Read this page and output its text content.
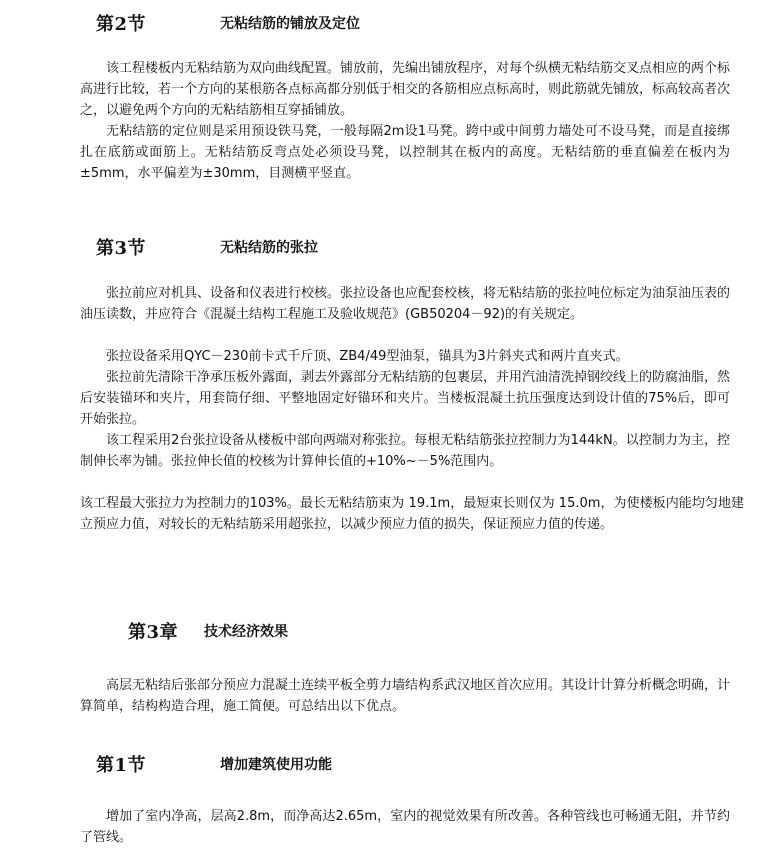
第2节	无粘结筋的铺放及定位

该工程楼板内无粘结筋为双向曲线配置。铺放前，先编出铺放程序，对每个纵横无粘结筋交叉点相应的两个标高进行比较，若一个方向的某根筋各点标高都分别低于相交的各筋相应点标高时，则此筋就先铺放，标高较高者次之，以避免两个方向的无粘结筋相互穿插铺放。

无粘结筋的定位则是采用预设铁马凳，一般每隔2m设1马凳。跨中或中间剪力墙处可不设马凳，而是直接绑扎在底筋或面筋上。无粘结筋反弯点处必须设马凳，以控制其在板内的高度。无粘结筋的垂直偏差在板内为±5mm，水平偏差为±30mm，目测横平竖直。

第3节	无粘结筋的张拉

张拉前应对机具、设备和仪表进行校核。张拉设备也应配套校核，将无粘结筋的张拉吨位标定为油泵油压表的油压读数，并应符合《混凝土结构工程施工及验收规范》(GB50204－92)的有关规定。

张拉设备采用QYC－230前卡式千斤顶、ZB4/49型油泵，锚具为3片斜夹式和两片直夹式。

张拉前先清除干净承压板外露面，剥去外露部分无粘结筋的包裹层，并用汽油清洗掉钢绞线上的防腐油脂，然后安装锚环和夹片，用套筒仔细、平整地固定好锚环和夹片。当楼板混凝土抗压强度达到设计值的75%后，即可开始张拉。

该工程采用2台张拉设备从楼板中部向两端对称张拉。每根无粘结筋张拉控制力为144kN。以控制力为主，控制伸长率为铺。张拉伸长值的校核为计算伸长值的+10%~－5%范围内。

该工程最大张拉力为控制力的103%。最长无粘结筋束为 19.1m，最短束长则仅为 15.0m，为使楼板内能均匀地建立预应力值，对较长的无粘结筋采用超张拉，以减少预应力值的损失，保证预应力值的传递。

第3章 技术经济效果

高层无粘结后张部分预应力混凝土连续平板全剪力墙结构系武汉地区首次应用。其设计计算分析概念明确，计算简单，结构构造合理，施工简便。可总结出以下优点。

第1节	增加建筑使用功能

增加了室内净高，层高2.8m，而净高达2.65m，室内的视觉效果有所改善。各种管线也可畅通无阻，并节约了管线。
